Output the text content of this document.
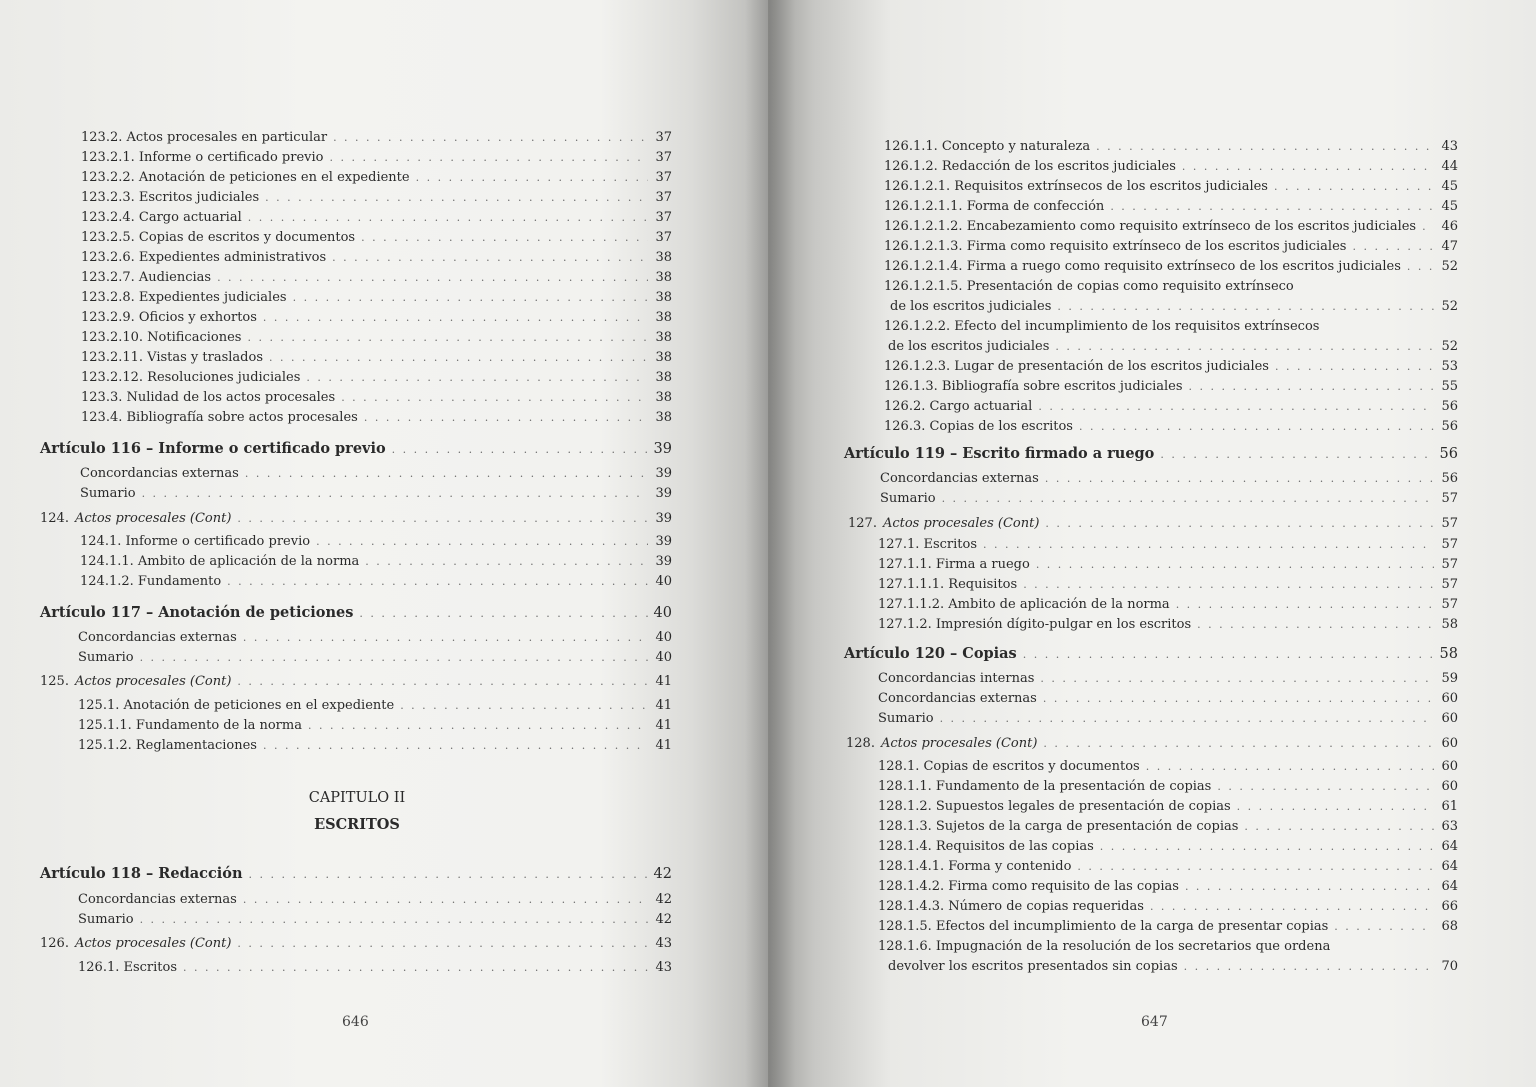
123.2. Actos procesales en particular . . .	37
123.2.1. Informe o certificado previo . . .	37
123.2.2. Anotación de peticiones en el expediente . . .	37
123.2.3. Escritos judiciales . . .	37
123.2.4. Cargo actuarial . . .	37
123.2.5. Copias de escritos y documentos . . .	37
123.2.6. Expedientes administrativos . . .	38
123.2.7. Audiencias . . .	38
123.2.8. Expedientes judiciales . . .	38
123.2.9. Oficios y exhortos . . .	38
123.2.10. Notificaciones . . .	38
123.2.11. Vistas y traslados . . .	38
123.2.12. Resoluciones judiciales . . .	38
123.3. Nulidad de los actos procesales . . .	38
123.4. Bibliografía sobre actos procesales . . .	38
Artículo 116 – Informe o certificado previo . . .	39
Concordancias externas . . .	39
Sumario . . .	39
124. Actos procesales (Cont) . . .	39
124.1. Informe o certificado previo . . .	39
124.1.1. Ambito de aplicación de la norma . . .	39
124.1.2. Fundamento . . .	40
Artículo 117 – Anotación de peticiones . . .	40
Concordancias externas . . .	40
Sumario . . .	40
125. Actos procesales (Cont) . . .	41
125.1. Anotación de peticiones en el expediente . . .	41
125.1.1. Fundamento de la norma . . .	41
125.1.2. Reglamentaciones . . .	41
Artículo 118 – Redacción . . .	42
Concordancias externas . . .	42
Sumario . . .	42
126. Actos procesales (Cont) . . .	43
126.1. Escritos . . .	43
CAPITULO II
ESCRITOS
646
126.1.1. Concepto y naturaleza . . .	43
126.1.2. Redacción de los escritos judiciales . . .	44
126.1.2.1. Requisitos extrínsecos de los escritos judiciales . . .	45
126.1.2.1.1. Forma de confección . . .	45
126.1.2.1.2. Encabezamiento como requisito extrínseco de los escritos judiciales . . . 46
126.1.2.1.3. Firma como requisito extrínseco de los escritos judiciales . . .	47
126.1.2.1.4. Firma a ruego como requisito extrínseco de los escritos judiciales . . .	52
126.1.2.1.5. Presentación de copias como requisito extrínseco
de los escritos judiciales . . .	52
126.1.2.2. Efecto del incumplimiento de los requisitos extrínsecos
de los escritos judiciales . . .	52
126.1.2.3. Lugar de presentación de los escritos judiciales . . .	53
126.1.3. Bibliografía sobre escritos judiciales . . .	55
126.2. Cargo actuarial . . .	56
126.3. Copias de los escritos . . .	56
Artículo 119 – Escrito firmado a ruego . . .	56
Concordancias externas . . .	56
Sumario . . .	57
127. Actos procesales (Cont) . . .	57
127.1. Escritos . . .	57
127.1.1. Firma a ruego . . .	57
127.1.1.1. Requisitos . . .	57
127.1.1.2. Ambito de aplicación de la norma . . .	57
127.1.2. Impresión dígito-pulgar en los escritos . . .	58
Artículo 120 – Copias . . .	58
Concordancias internas . . .	59
Concordancias externas . . .	60
Sumario . . .	60
128. Actos procesales (Cont) . . .	60
128.1. Copias de escritos y documentos . . .	60
128.1.1. Fundamento de la presentación de copias . . .	60
128.1.2. Supuestos legales de presentación de copias . . .	61
128.1.3. Sujetos de la carga de presentación de copias . . .	63
128.1.4. Requisitos de las copias . . .	64
128.1.4.1. Forma y contenido . . .	64
128.1.4.2. Firma como requisito de las copias . . .	64
128.1.4.3. Número de copias requeridas . . .	66
128.1.5. Efectos del incumplimiento de la carga de presentar copias . . .	68
128.1.6. Impugnación de la resolución de los secretarios que ordena
devolver los escritos presentados sin copias . . .	70
647
